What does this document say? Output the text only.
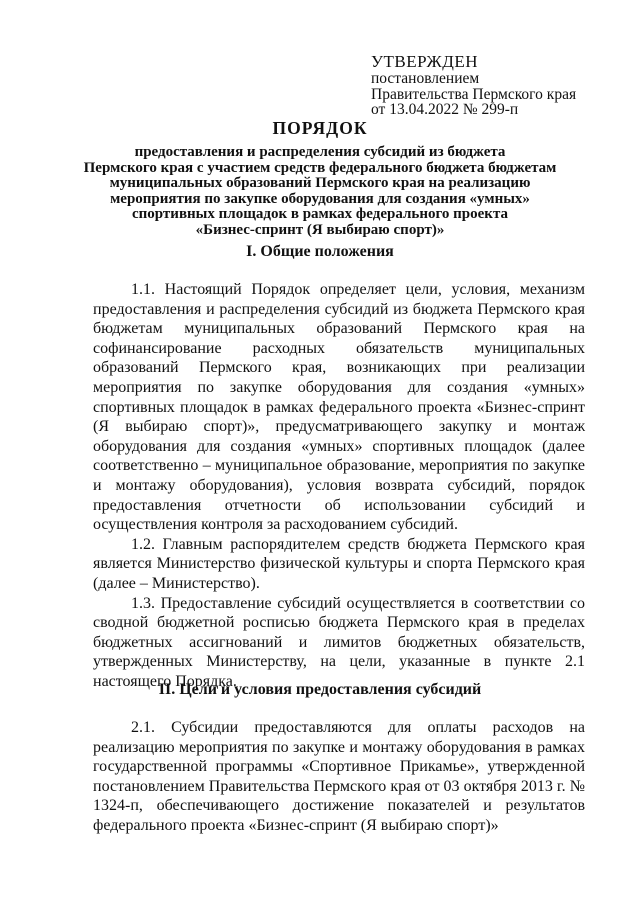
УТВЕРЖДЕН
постановлением
Правительства Пермского края
от 13.04.2022 № 299-п
ПОРЯДОК
предоставления и распределения субсидий из бюджета
Пермского края с участием средств федерального бюджета бюджетам
муниципальных образований Пермского края на реализацию
мероприятия по закупке оборудования для создания «умных»
спортивных площадок в рамках федерального проекта
«Бизнес-спринт (Я выбираю спорт)»
I. Общие положения

1.1. Настоящий Порядок определяет цели, условия, механизм предоставления и распределения субсидий из бюджета Пермского края бюджетам муниципальных образований Пермского края на софинансирование расходных обязательств муниципальных образований Пермского края, возникающих при реализации мероприятия по закупке оборудования для создания «умных» спортивных площадок в рамках федерального проекта «Бизнес-спринт (Я выбираю спорт)», предусматривающего закупку и монтаж оборудования для создания «умных» спортивных площадок (далее соответственно – муниципальное образование, мероприятия по закупке и монтажу оборудования), условия возврата субсидий, порядок предоставления отчетности об использовании субсидий и осуществления контроля за расходованием субсидий.

1.2. Главным распорядителем средств бюджета Пермского края является Министерство физической культуры и спорта Пермского края (далее – Министерство).

1.3. Предоставление субсидий осуществляется в соответствии со сводной бюджетной росписью бюджета Пермского края в пределах бюджетных ассигнований и лимитов бюджетных обязательств, утвержденных Министерству, на цели, указанные в пункте 2.1 настоящего Порядка.

II. Цели и условия предоставления субсидий

2.1. Субсидии предоставляются для оплаты расходов на реализацию мероприятия по закупке и монтажу оборудования в рамках государственной программы «Спортивное Прикамье», утвержденной постановлением Правительства Пермского края от 03 октября 2013 г. № 1324-п, обеспечивающего достижение показателей и результатов федерального проекта «Бизнес-спринт (Я выбираю спорт)»
